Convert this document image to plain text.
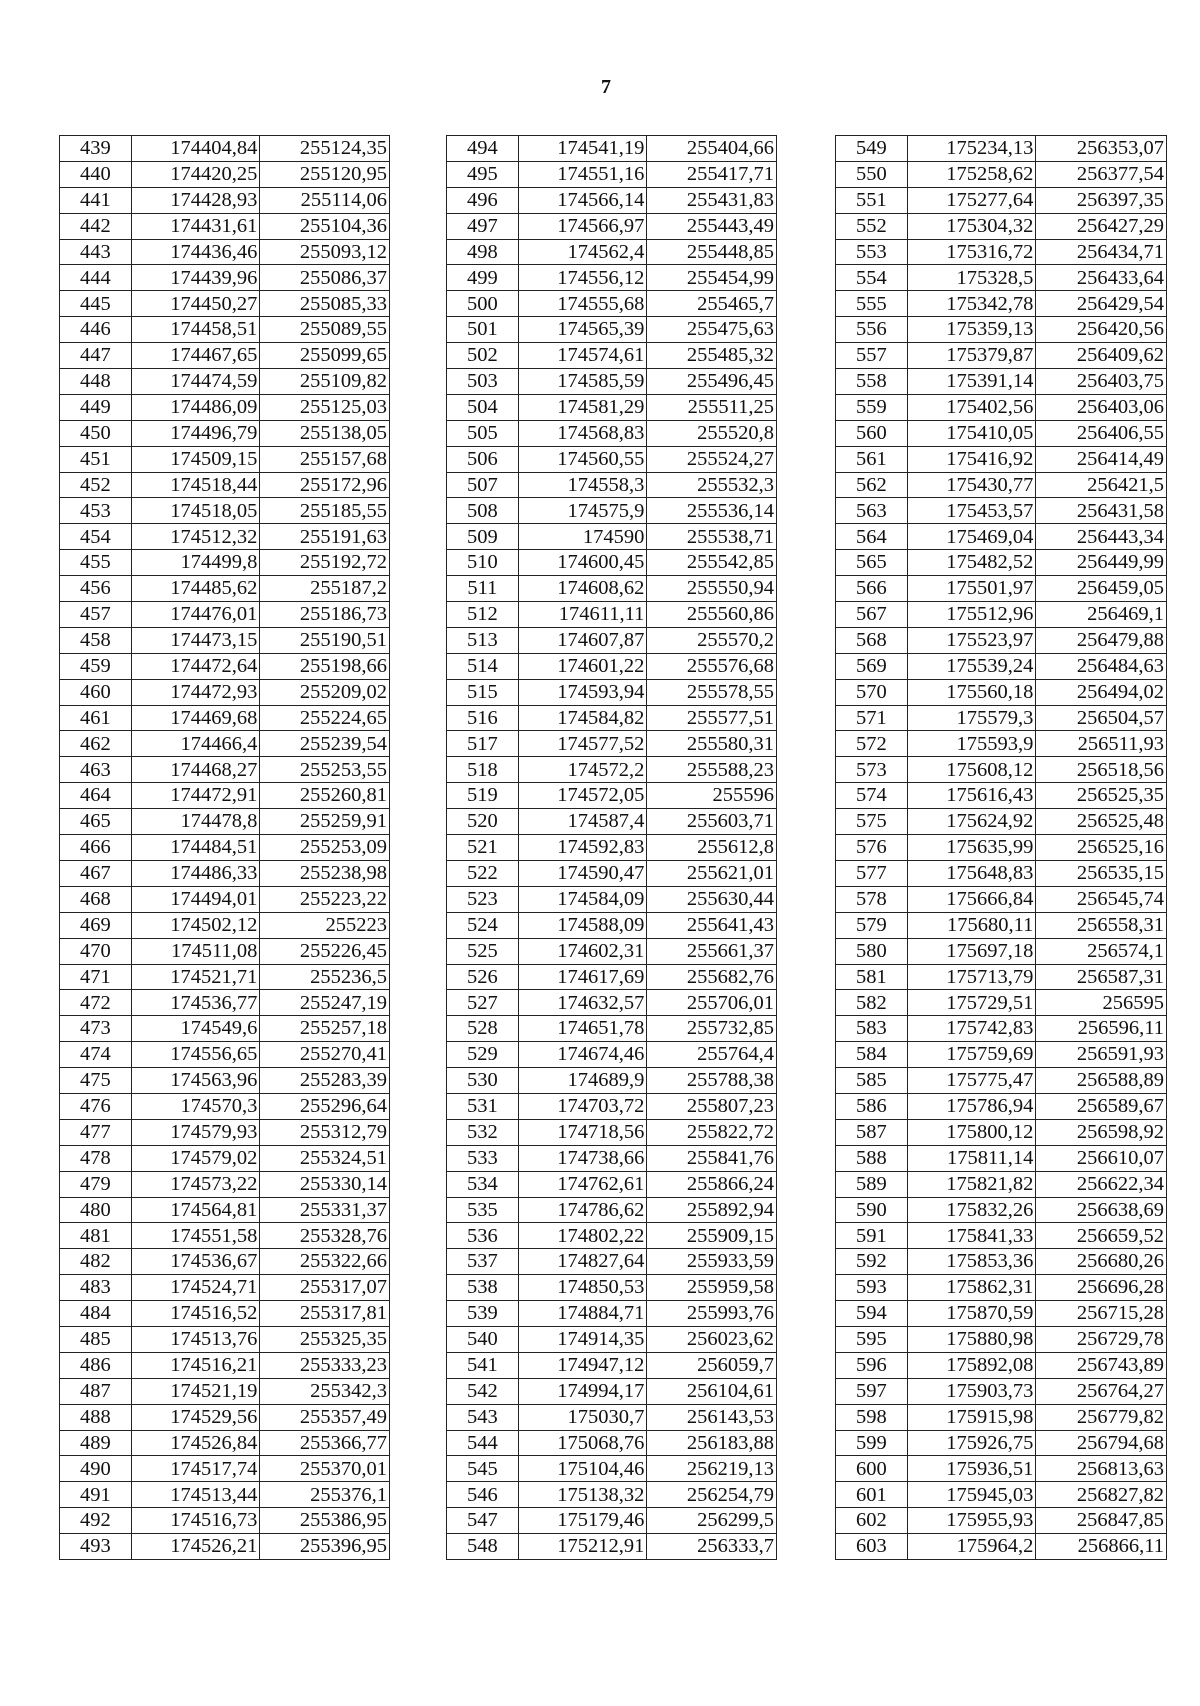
7
439	174404,84	255124,35
440	174420,25	255120,95
441	174428,93	255114,06
442	174431,61	255104,36
443	174436,46	255093,12
444	174439,96	255086,37
445	174450,27	255085,33
446	174458,51	255089,55
447	174467,65	255099,65
448	174474,59	255109,82
449	174486,09	255125,03
450	174496,79	255138,05
451	174509,15	255157,68
452	174518,44	255172,96
453	174518,05	255185,55
454	174512,32	255191,63
455	174499,8	255192,72
456	174485,62	255187,2
457	174476,01	255186,73
458	174473,15	255190,51
459	174472,64	255198,66
460	174472,93	255209,02
461	174469,68	255224,65
462	174466,4	255239,54
463	174468,27	255253,55
464	174472,91	255260,81
465	174478,8	255259,91
466	174484,51	255253,09
467	174486,33	255238,98
468	174494,01	255223,22
469	174502,12	255223
470	174511,08	255226,45
471	174521,71	255236,5
472	174536,77	255247,19
473	174549,6	255257,18
474	174556,65	255270,41
475	174563,96	255283,39
476	174570,3	255296,64
477	174579,93	255312,79
478	174579,02	255324,51
479	174573,22	255330,14
480	174564,81	255331,37
481	174551,58	255328,76
482	174536,67	255322,66
483	174524,71	255317,07
484	174516,52	255317,81
485	174513,76	255325,35
486	174516,21	255333,23
487	174521,19	255342,3
488	174529,56	255357,49
489	174526,84	255366,77
490	174517,74	255370,01
491	174513,44	255376,1
492	174516,73	255386,95
493	174526,21	255396,95
494	174541,19	255404,66
495	174551,16	255417,71
496	174566,14	255431,83
497	174566,97	255443,49
498	174562,4	255448,85
499	174556,12	255454,99
500	174555,68	255465,7
501	174565,39	255475,63
502	174574,61	255485,32
503	174585,59	255496,45
504	174581,29	255511,25
505	174568,83	255520,8
506	174560,55	255524,27
507	174558,3	255532,3
508	174575,9	255536,14
509	174590	255538,71
510	174600,45	255542,85
511	174608,62	255550,94
512	174611,11	255560,86
513	174607,87	255570,2
514	174601,22	255576,68
515	174593,94	255578,55
516	174584,82	255577,51
517	174577,52	255580,31
518	174572,2	255588,23
519	174572,05	255596
520	174587,4	255603,71
521	174592,83	255612,8
522	174590,47	255621,01
523	174584,09	255630,44
524	174588,09	255641,43
525	174602,31	255661,37
526	174617,69	255682,76
527	174632,57	255706,01
528	174651,78	255732,85
529	174674,46	255764,4
530	174689,9	255788,38
531	174703,72	255807,23
532	174718,56	255822,72
533	174738,66	255841,76
534	174762,61	255866,24
535	174786,62	255892,94
536	174802,22	255909,15
537	174827,64	255933,59
538	174850,53	255959,58
539	174884,71	255993,76
540	174914,35	256023,62
541	174947,12	256059,7
542	174994,17	256104,61
543	175030,7	256143,53
544	175068,76	256183,88
545	175104,46	256219,13
546	175138,32	256254,79
547	175179,46	256299,5
548	175212,91	256333,7
549	175234,13	256353,07
550	175258,62	256377,54
551	175277,64	256397,35
552	175304,32	256427,29
553	175316,72	256434,71
554	175328,5	256433,64
555	175342,78	256429,54
556	175359,13	256420,56
557	175379,87	256409,62
558	175391,14	256403,75
559	175402,56	256403,06
560	175410,05	256406,55
561	175416,92	256414,49
562	175430,77	256421,5
563	175453,57	256431,58
564	175469,04	256443,34
565	175482,52	256449,99
566	175501,97	256459,05
567	175512,96	256469,1
568	175523,97	256479,88
569	175539,24	256484,63
570	175560,18	256494,02
571	175579,3	256504,57
572	175593,9	256511,93
573	175608,12	256518,56
574	175616,43	256525,35
575	175624,92	256525,48
576	175635,99	256525,16
577	175648,83	256535,15
578	175666,84	256545,74
579	175680,11	256558,31
580	175697,18	256574,1
581	175713,79	256587,31
582	175729,51	256595
583	175742,83	256596,11
584	175759,69	256591,93
585	175775,47	256588,89
586	175786,94	256589,67
587	175800,12	256598,92
588	175811,14	256610,07
589	175821,82	256622,34
590	175832,26	256638,69
591	175841,33	256659,52
592	175853,36	256680,26
593	175862,31	256696,28
594	175870,59	256715,28
595	175880,98	256729,78
596	175892,08	256743,89
597	175903,73	256764,27
598	175915,98	256779,82
599	175926,75	256794,68
600	175936,51	256813,63
601	175945,03	256827,82
602	175955,93	256847,85
603	175964,2	256866,11
